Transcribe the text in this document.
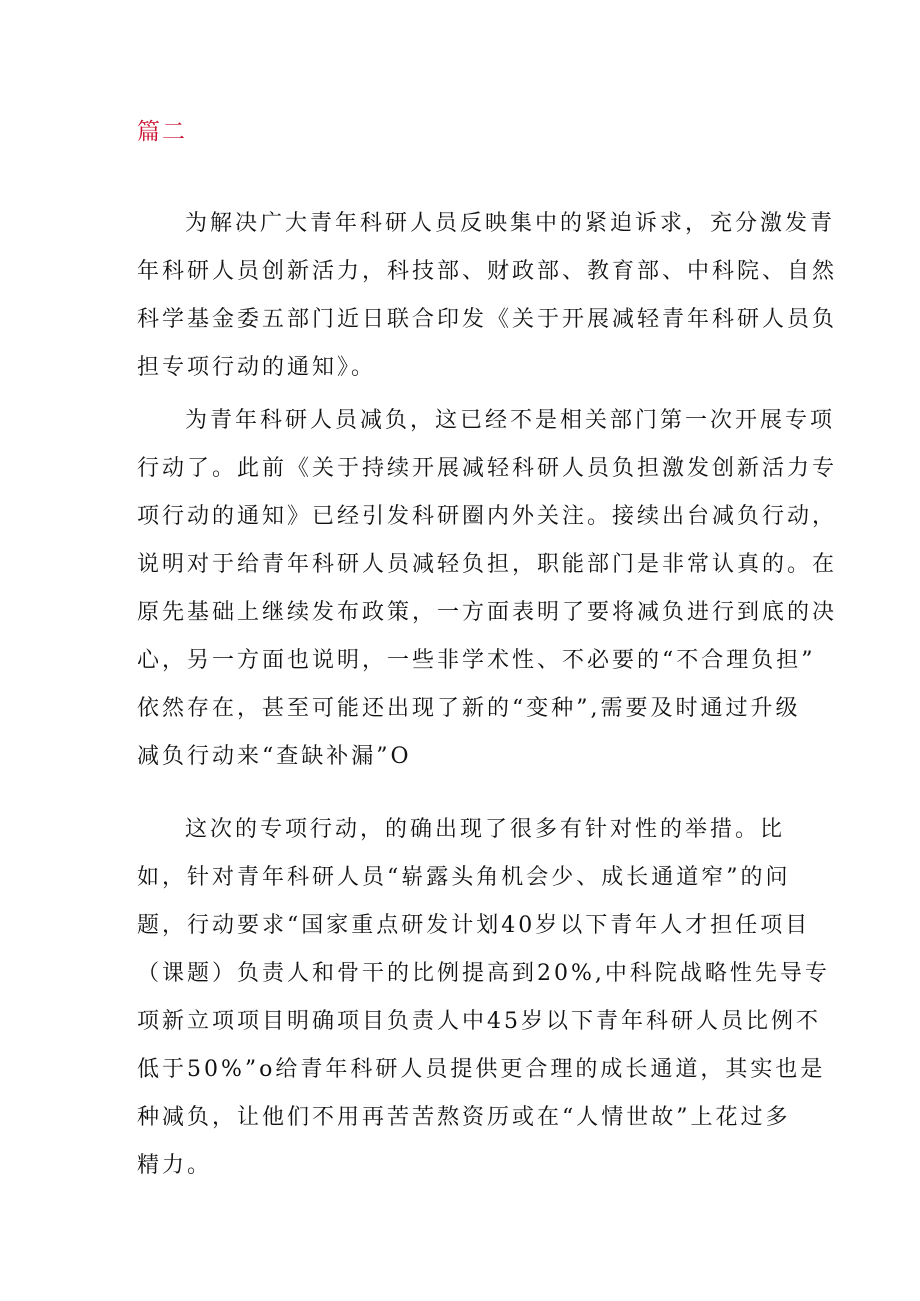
篇二
为解决广大青年科研人员反映集中的紧迫诉求，充分激发青
年科研人员创新活力，科技部、财政部、教育部、中科院、自然
科学基金委五部门近日联合印发《关于开展减轻青年科研人员负
担专项行动的通知》。
为青年科研人员减负，这已经不是相关部门第一次开展专项
行动了。此前《关于持续开展减轻科研人员负担激发创新活力专
项行动的通知》已经引发科研圈内外关注。接续出台减负行动，
说明对于给青年科研人员减轻负担，职能部门是非常认真的。在
原先基础上继续发布政策，一方面表明了要将减负进行到底的决
心，另一方面也说明，一些非学术性、不必要的“不合理负担”
依然存在，甚至可能还出现了新的“变种”,需要及时通过升级
减负行动来“查缺补漏”O
这次的专项行动，的确出现了很多有针对性的举措。比
如，针对青年科研人员“崭露头角机会少、成长通道窄”的问
题，行动要求“国家重点研发计划40岁以下青年人才担任项目
（课题）负责人和骨干的比例提高到20%,中科院战略性先导专
项新立项项目明确项目负责人中45岁以下青年科研人员比例不
低于50%”o给青年科研人员提供更合理的成长通道，其实也是
种减负，让他们不用再苦苦熬资历或在“人情世故”上花过多
精力。
